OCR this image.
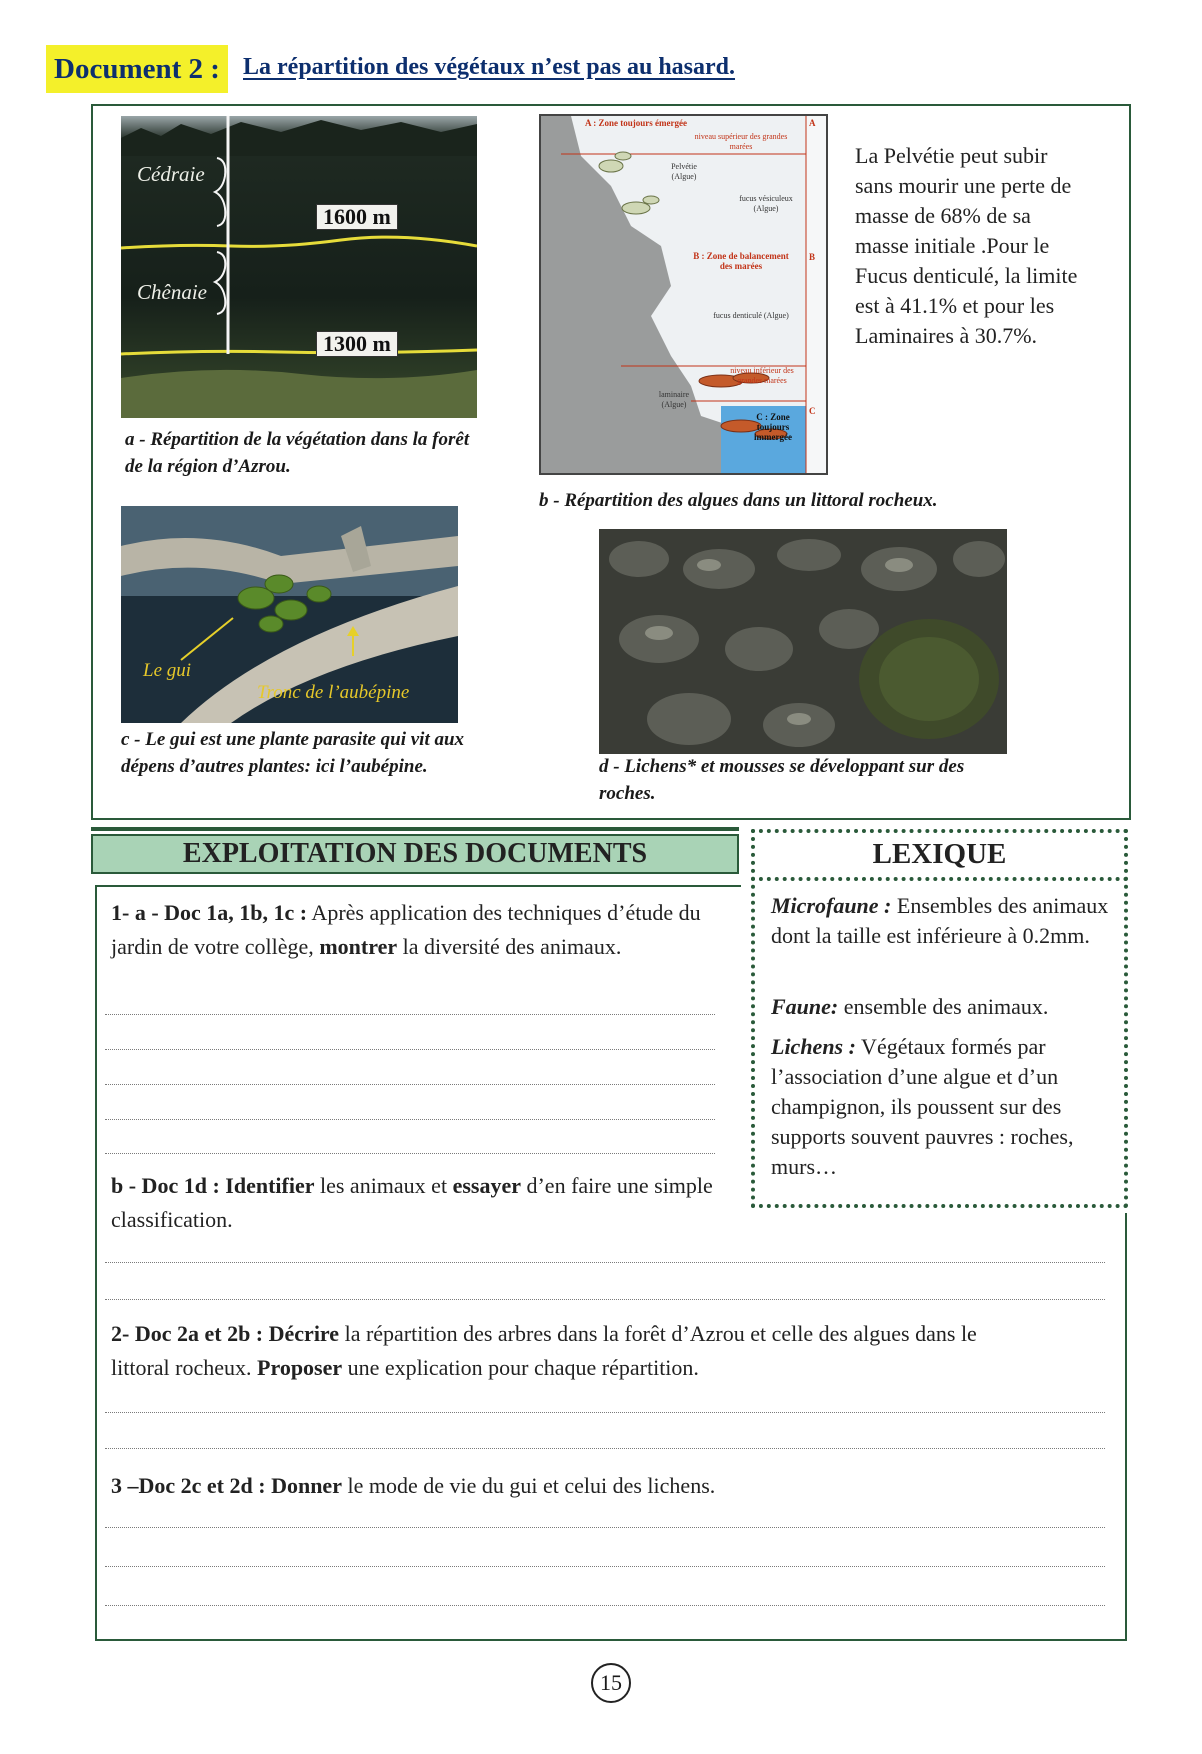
Document 2 : La répartition des végétaux n’est pas au hasard.
Cédraie
Chênaie
1600 m
1300 m
a - Répartition de la végétation dans la forêt de la région d’Azrou.
A : Zone toujours émergée	A
niveau supérieur des grandes marées
Pelvétie (Algue)
fucus vésiculeux (Algue)
B : Zone de balancement des marées
B
fucus denticulé (Algue)
niveau inférieur des grandes marées
laminaire (Algue)
C : Zone toujours immergée
C
La Pelvétie peut subir sans mourir une perte de masse de 68% de sa masse initiale .Pour le Fucus denticulé, la limite est à 41.1% et pour les Laminaires à 30.7%.
b - Répartition des algues dans un littoral rocheux.
Le gui
Tronc de l’aubépine
c - Le gui est une plante parasite qui vit aux dépens d’autres plantes: ici l’aubépine.	d - Lichens* et mousses se développant sur des roches.
EXPLOITATION DES DOCUMENTS	LEXIQUE
Microfaune : Ensembles des animaux dont la taille est inférieure à 0.2mm.
Faune: ensemble des animaux.
Lichens : Végétaux formés par l’association d’une algue et d’un champignon, ils poussent sur des supports souvent pauvres : roches, murs…
1- a - Doc 1a, 1b, 1c : Après application des techniques d’étude du jardin de votre collège, montrer la diversité des animaux.
b - Doc 1d : Identifier les animaux et essayer d’en faire une simple classification.
2- Doc 2a et 2b : Décrire la répartition des arbres dans la forêt d’Azrou et celle des algues dans le littoral rocheux. Proposer une explication pour chaque répartition.
3 –Doc 2c et 2d : Donner le mode de vie du gui et celui des lichens.
15
